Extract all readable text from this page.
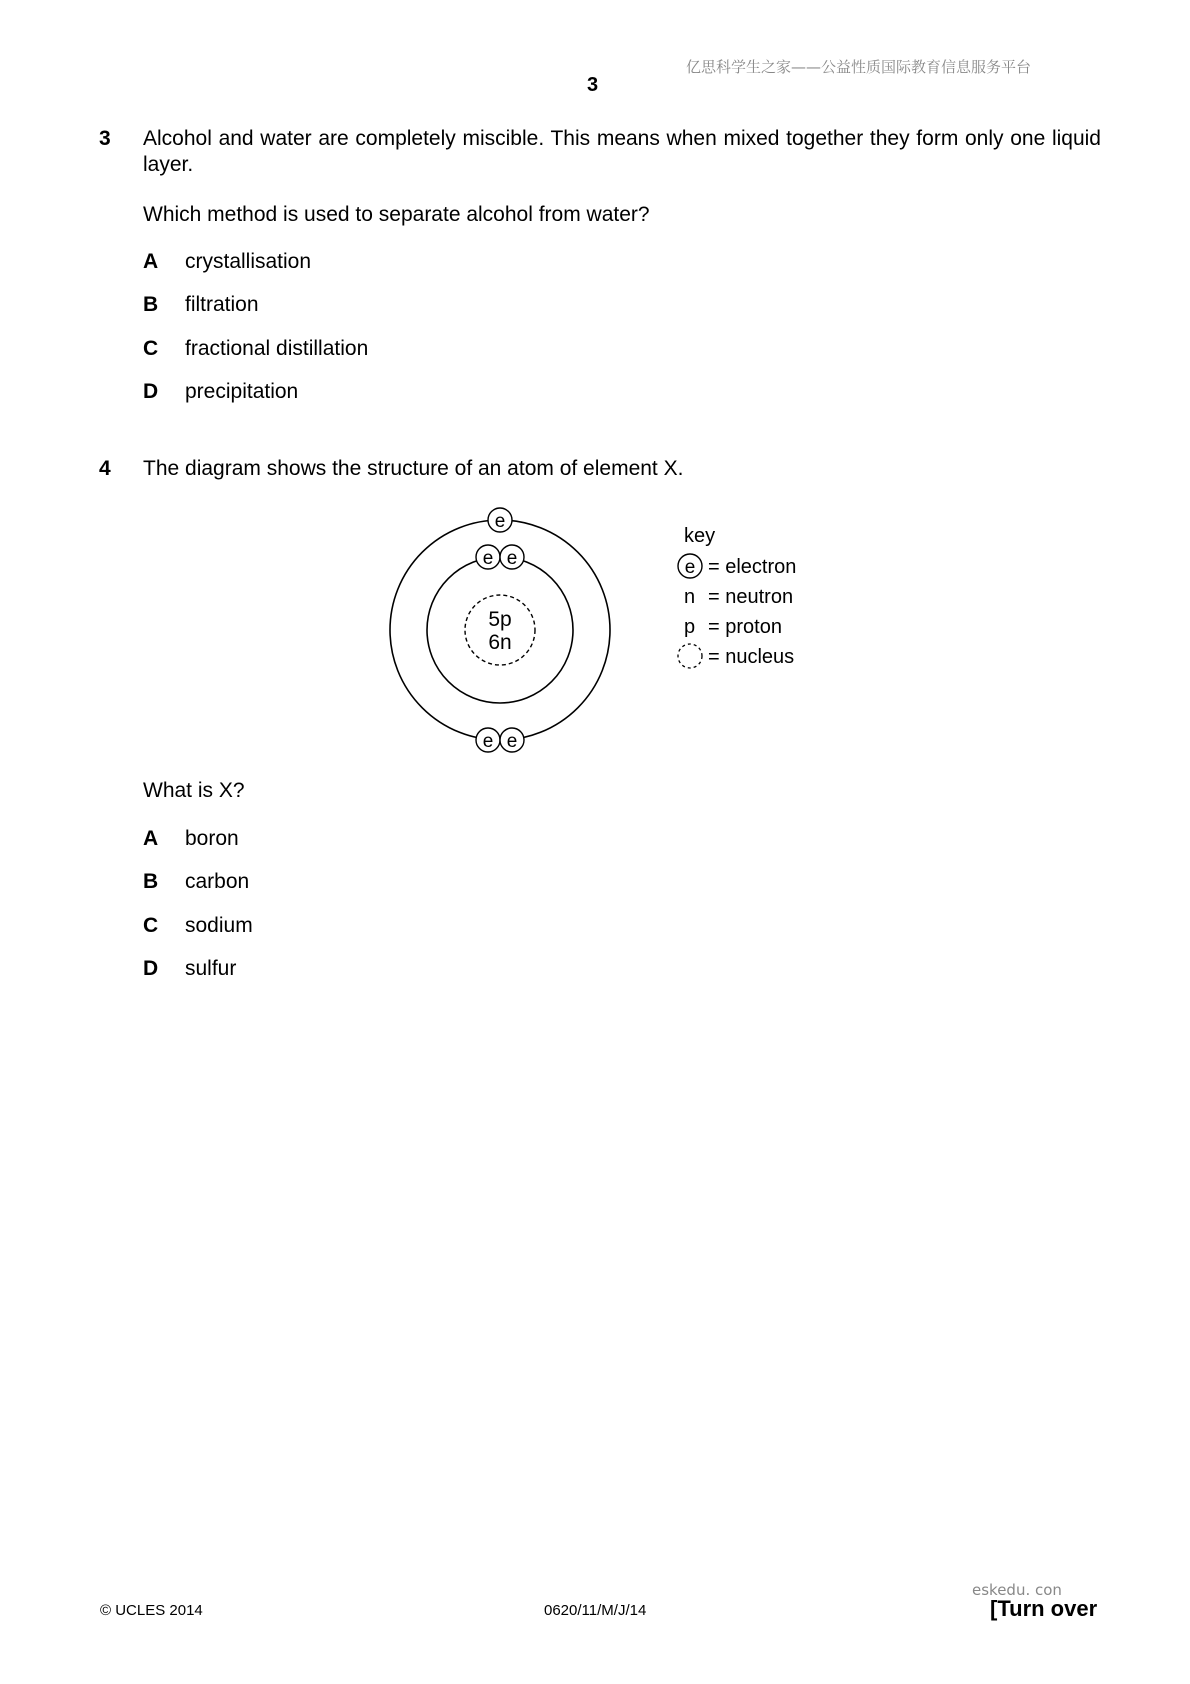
亿思科学生之家——公益性质国际教育信息服务平台
3
3 Alcohol and water are completely miscible. This means when mixed together they form only one liquid layer.
Which method is used to separate alcohol from water?
A crystallisation
B filtration
C fractional distillation
D precipitation
4 The diagram shows the structure of an atom of element X.
5p
6n
e
e e
e e
key
e = electron
n = neutron
p = proton
= nucleus
What is X?
A boron
B carbon
C sodium
D sulfur
© UCLES 2014	0620/11/M/J/14
eskedu. con
[Turn over
